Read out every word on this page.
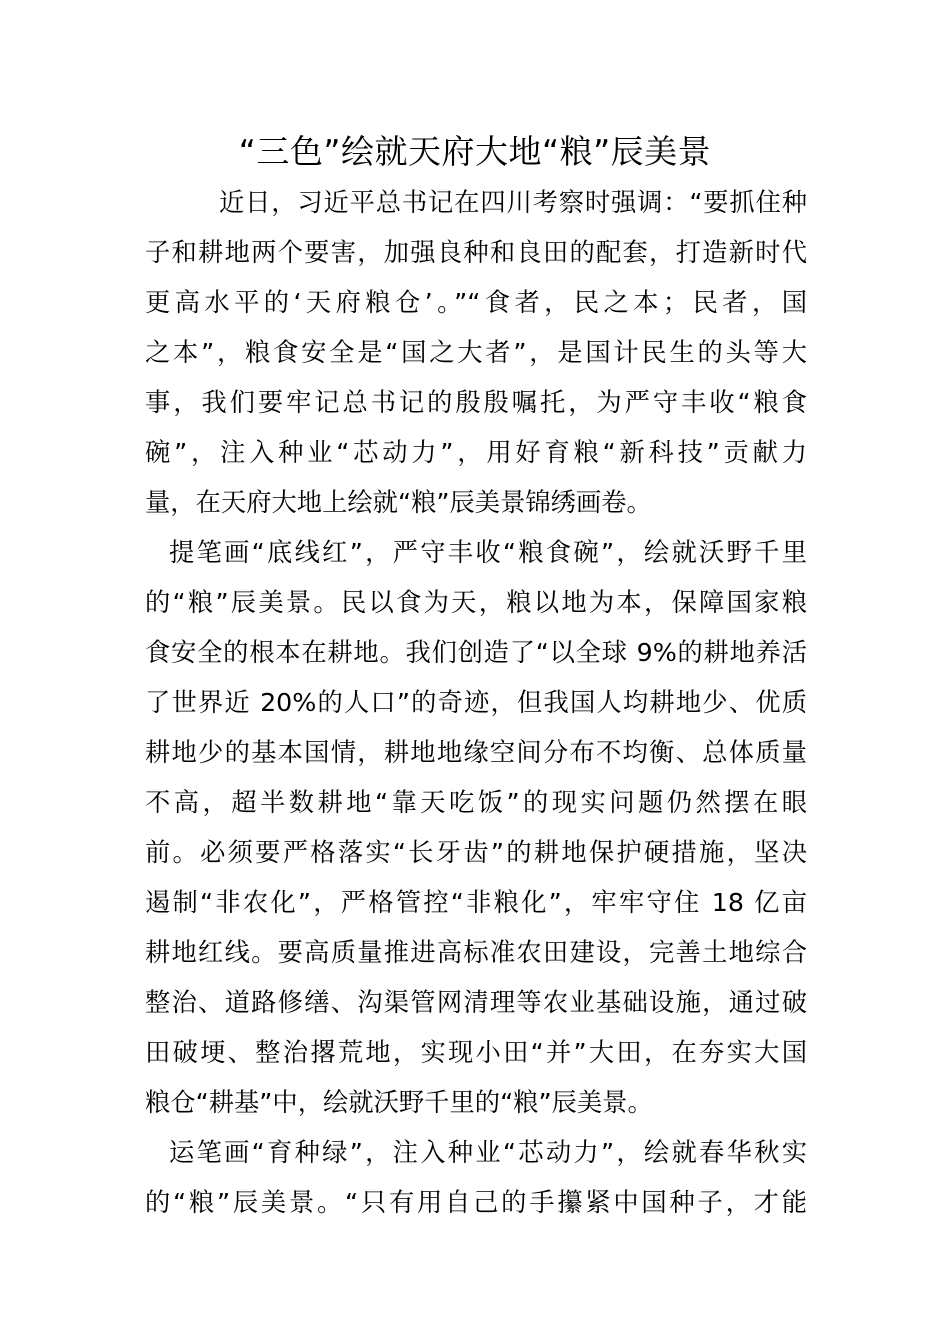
“三色”绘就天府大地“粮”辰美景
近日，习近平总书记在四川考察时强调：“要抓住种
子和耕地两个要害，加强良种和良田的配套，打造新时代
更高水平的‘天府粮仓’。”“食者，民之本；民者，国
之本”，粮食安全是“国之大者”，是国计民生的头等大
事，我们要牢记总书记的殷殷嘱托，为严守丰收“粮食
碗”，注入种业“芯动力”，用好育粮“新科技”贡献力
量，在天府大地上绘就“粮”辰美景锦绣画卷。
提笔画“底线红”，严守丰收“粮食碗”，绘就沃野千里
的“粮”辰美景。民以食为天，粮以地为本，保障国家粮
食安全的根本在耕地。我们创造了“以全球 9%的耕地养活
了世界近 20%的人口”的奇迹，但我国人均耕地少、优质
耕地少的基本国情，耕地地缘空间分布不均衡、总体质量
不高，超半数耕地“靠天吃饭”的现实问题仍然摆在眼
前。必须要严格落实“长牙齿”的耕地保护硬措施，坚决
遏制“非农化”，严格管控“非粮化”，牢牢守住 18 亿亩
耕地红线。要高质量推进高标准农田建设，完善土地综合
整治、道路修缮、沟渠管网清理等农业基础设施，通过破
田破埂、整治撂荒地，实现小田“并”大田，在夯实大国
粮仓“耕基”中，绘就沃野千里的“粮”辰美景。
运笔画“育种绿”，注入种业“芯动力”，绘就春华秋实
的“粮”辰美景。“只有用自己的手攥紧中国种子，才能
